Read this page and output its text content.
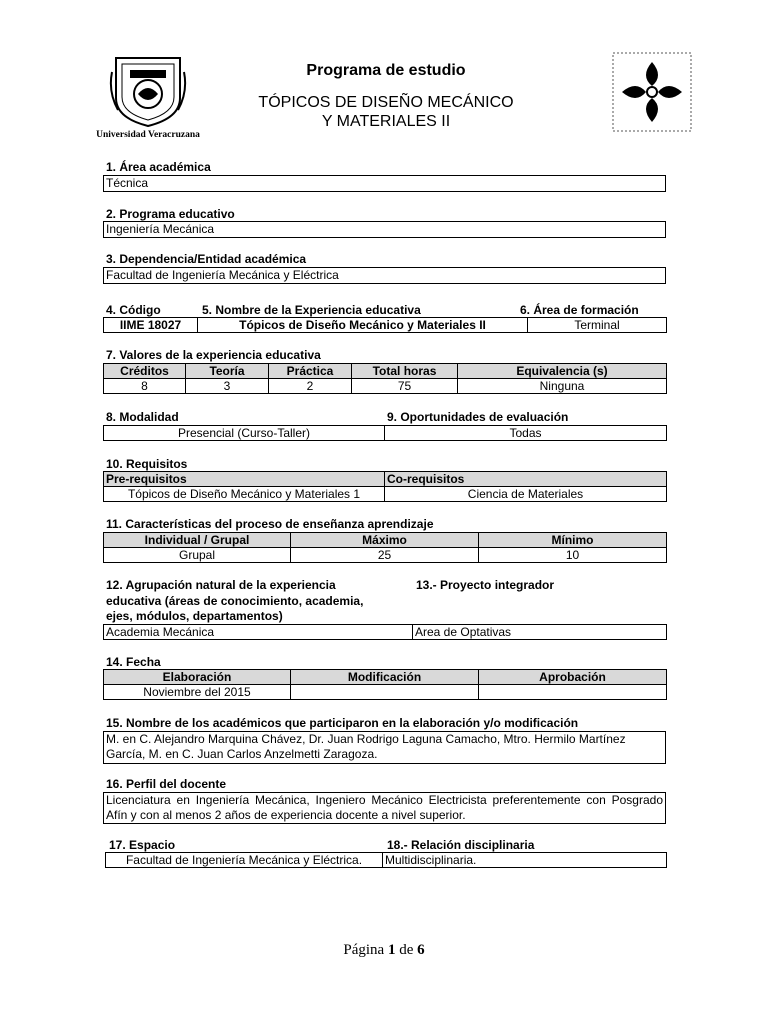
Universidad Veracruzana
Programa de estudio
TÓPICOS DE DISEÑO MECÁNICO
Y MATERIALES II
1. Área académica
Técnica
2. Programa educativo
Ingeniería Mecánica
3. Dependencia/Entidad académica
Facultad de Ingeniería Mecánica y Eléctrica
4. Código	5. Nombre de la Experiencia educativa	6. Área de formación
IIME 18027	Tópicos de Diseño Mecánico y Materiales II	Terminal
7. Valores de la experiencia educativa
Créditos	Teoría	Práctica	Total horas	Equivalencia (s)
8	3	2	75	Ninguna
8. Modalidad	9. Oportunidades de evaluación
Presencial (Curso-Taller)	Todas
10. Requisitos
Pre-requisitos	Co-requisitos
Tópicos de Diseño Mecánico y Materiales 1	Ciencia de Materiales
11. Características del proceso de enseñanza aprendizaje
Individual / Grupal	Máximo	Mínimo
Grupal	25	10
12. Agrupación natural de la experiencia educativa (áreas de conocimiento, academia, ejes, módulos, departamentos)
13.- Proyecto integrador
Academia Mecánica	Area de Optativas
14. Fecha
Elaboración	Modificación	Aprobación
Noviembre del 2015		
15. Nombre de los académicos que participaron en la elaboración y/o modificación
M. en C. Alejandro Marquina Chávez, Dr. Juan Rodrigo Laguna Camacho, Mtro. Hermilo Martínez García, M. en C. Juan Carlos Anzelmetti Zaragoza.
16. Perfil del docente
Licenciatura en Ingeniería Mecánica, Ingeniero Mecánico Electricista preferentemente con Posgrado Afín y con al menos 2 años de experiencia docente a nivel superior.
17. Espacio	18.- Relación disciplinaria
Facultad de Ingeniería Mecánica y Eléctrica.	Multidisciplinaria.
Página 1 de 6
